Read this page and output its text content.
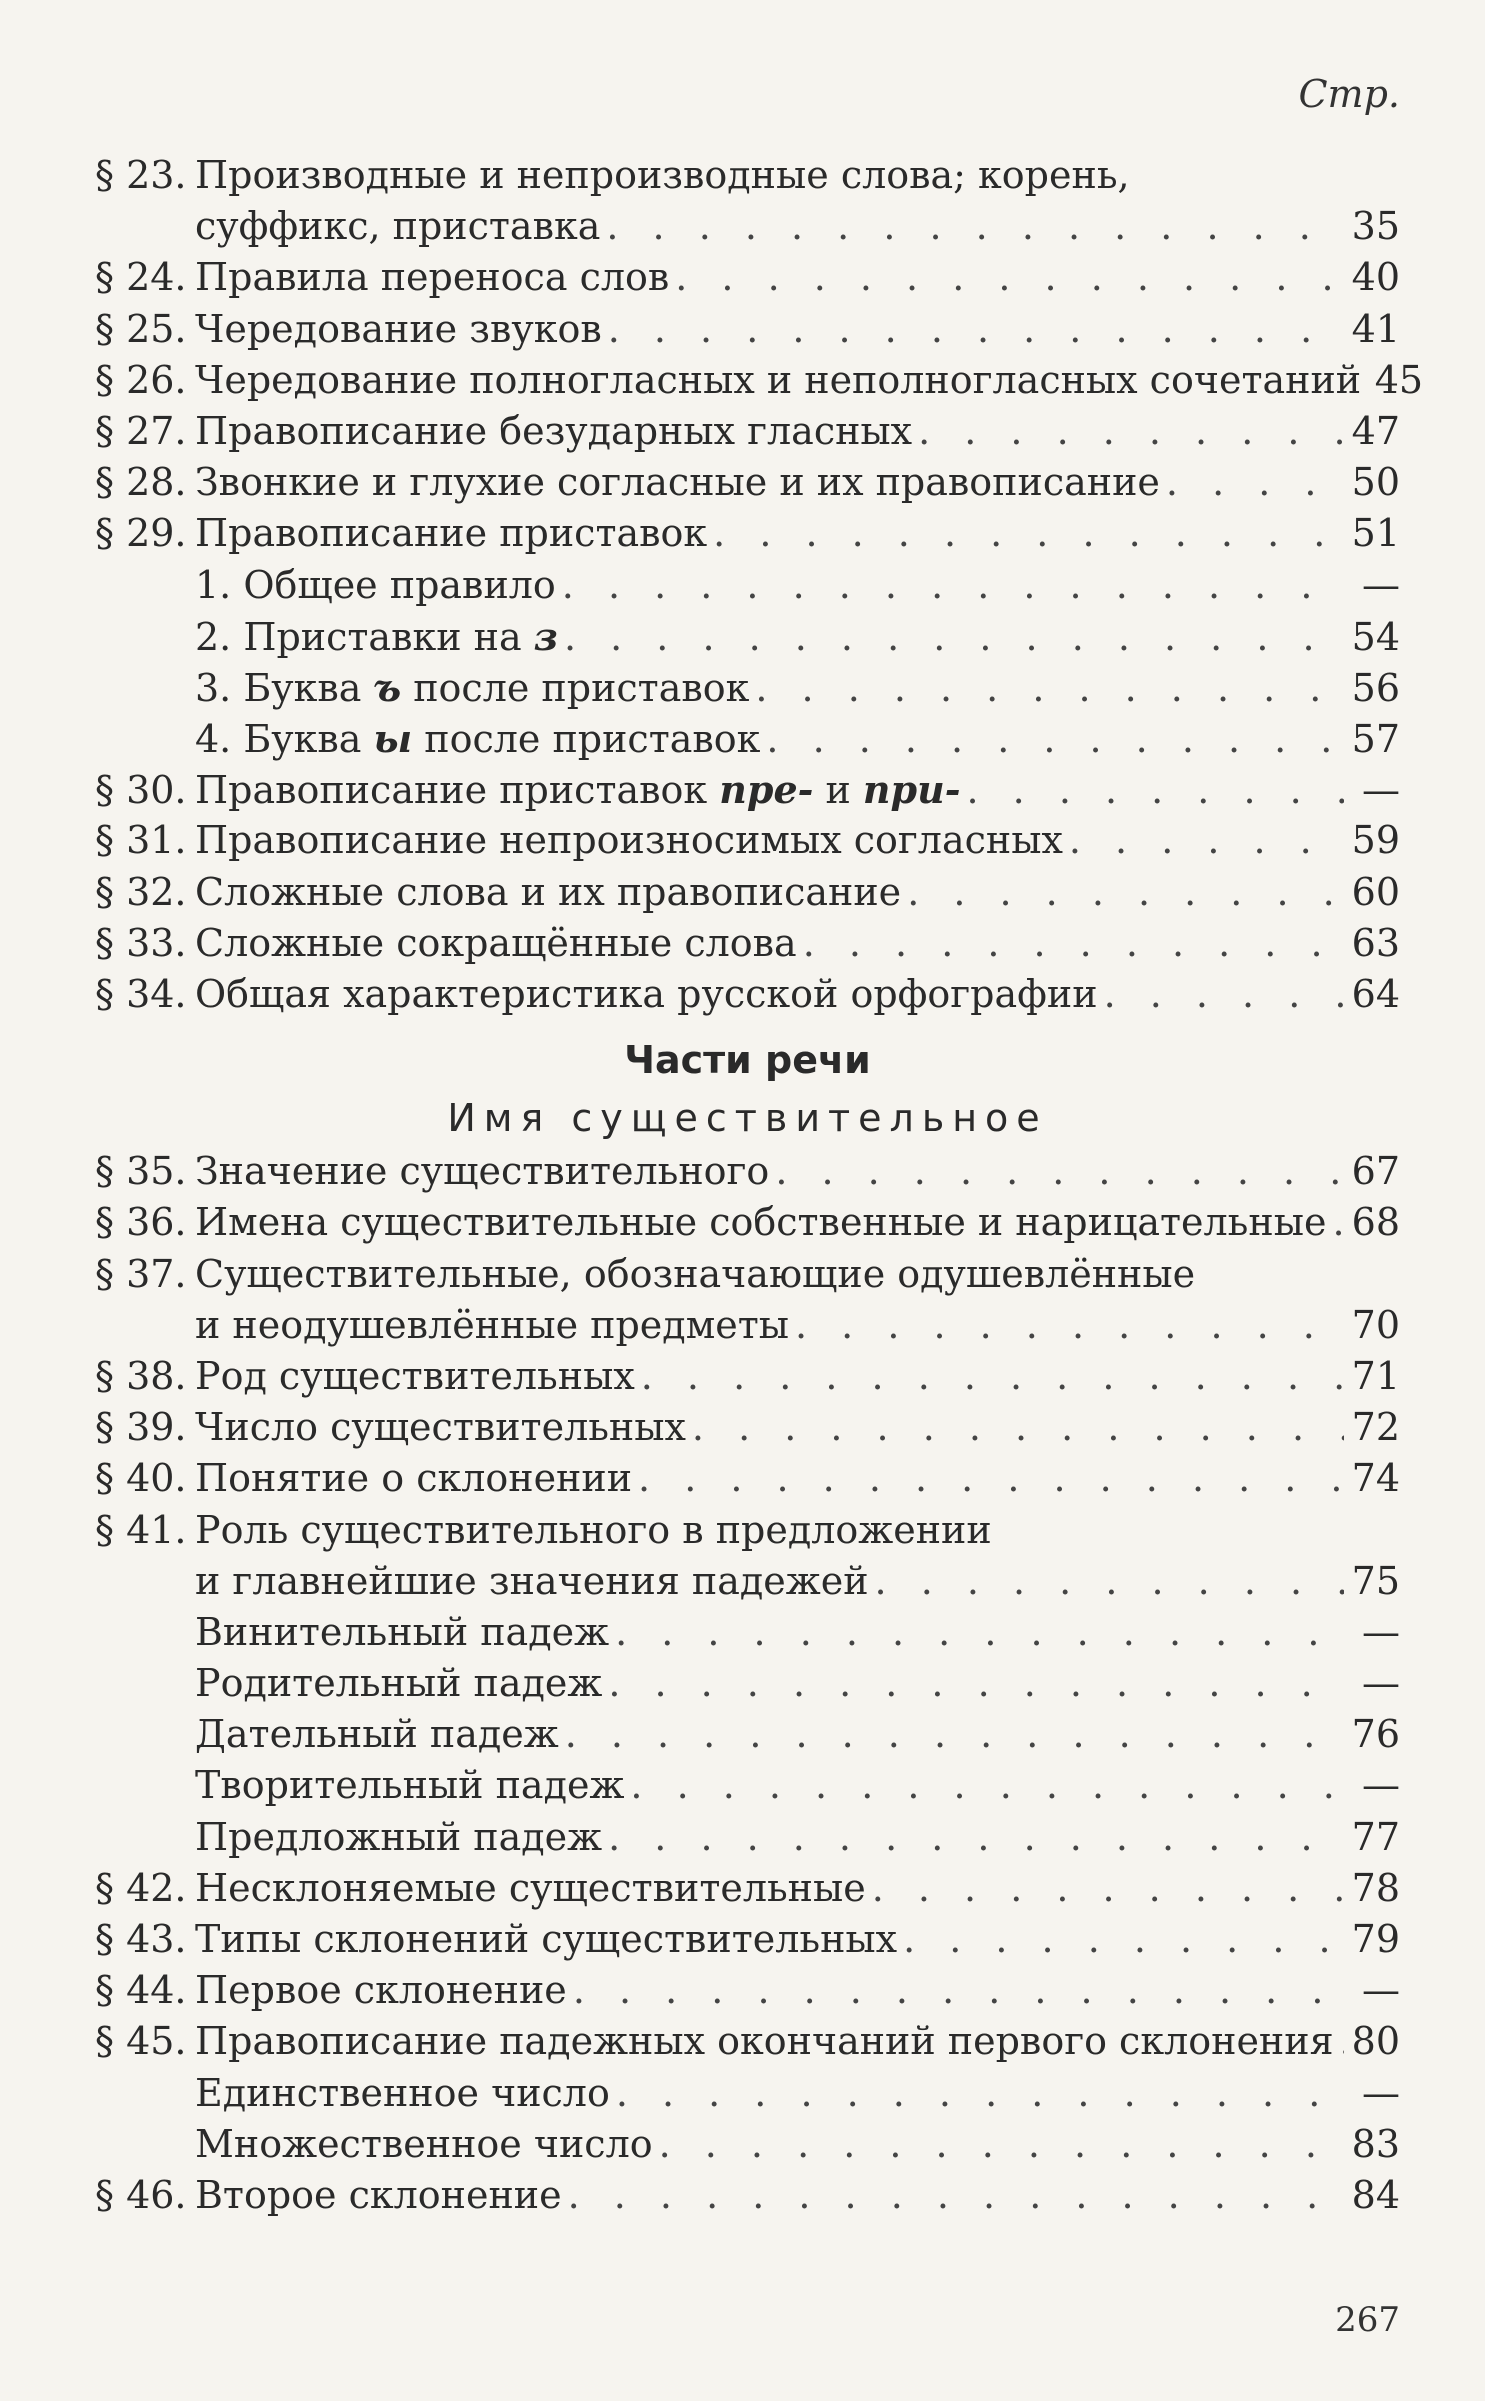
Стр.
§ 23. Производные и непроизводные слова; корень,
суффикс, приставка . . .	35
§ 24. Правила переноса слов . . .	40
§ 25. Чередование звуков . . .	41
§ 26. Чередование полногласных и неполногласных сочетаний 45
§ 27. Правописание безударных гласных . . .	47
§ 28. Звонкие и глухие согласные и их правописание . . .	50
§ 29. Правописание приставок . . .	51
1. Общее правило . . .	—
2. Приставки на з . . .	54
3. Буква ъ после приставок . . .	56
4. Буква ы после приставок . . .	57
§ 30. Правописание приставок пре- и при- . . .	—
§ 31. Правописание непроизносимых согласных . . .	59
§ 32. Сложные слова и их правописание . . .	60
§ 33. Сложные сокращённые слова . . .	63
§ 34. Общая характеристика русской орфографии . . .	64
Части речи
Имя существительное
§ 35. Значение существительного . . .	67
§ 36. Имена существительные собственные и нарицательные . . . 68
§ 37. Существительные, обозначающие одушевлённые
и неодушевлённые предметы . . .	70
§ 38. Род существительных . . .	71
§ 39. Число существительных . . .	72
§ 40. Понятие о склонении . . .	74
§ 41. Роль существительного в предложении
и главнейшие значения падежей . . .	75
Винительный падеж . . .	—
Родительный падеж . . .	—
Дательный падеж . . .	76
Творительный падеж . . .	—
Предложный падеж . . .	77
§ 42. Несклоняемые существительные . . .	78
§ 43. Типы склонений существительных . . .	79
§ 44. Первое склонение . . .	—
§ 45. Правописание падежных окончаний первого склонения . . . 80
Единственное число . . .	—
Множественное число . . .	83
§ 46. Второе склонение . . .	84
267
